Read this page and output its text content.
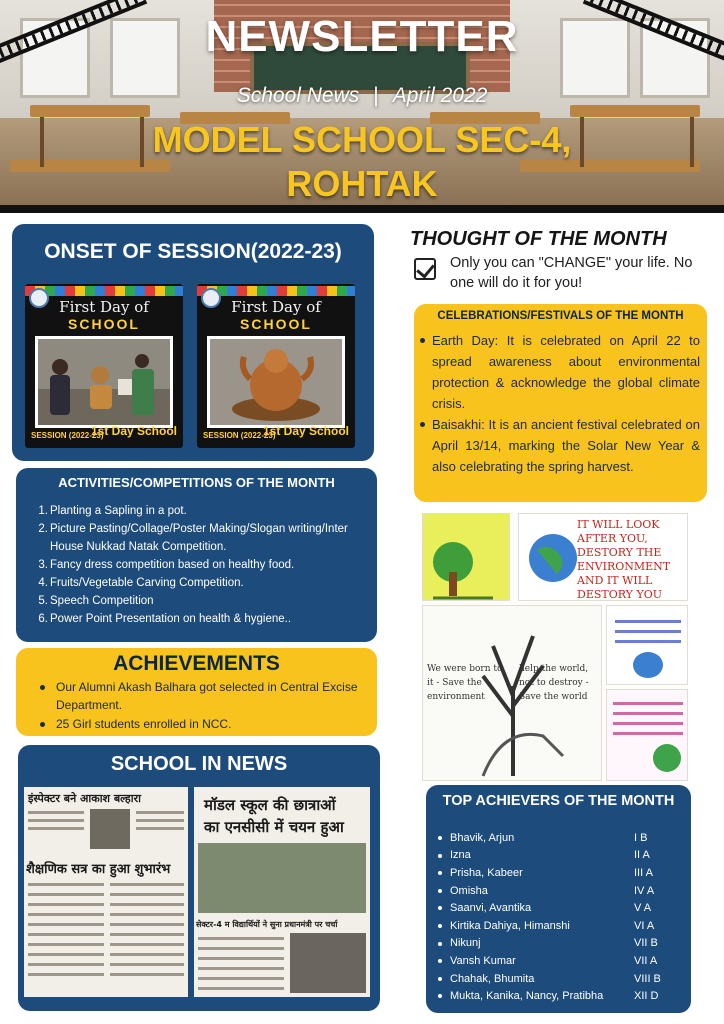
NEWSLETTER
School News | April 2022
MODEL SCHOOL SEC-4,
ROHTAK
ONSET OF SESSION(2022-23)
First Day of
SCHOOL
SESSION (2022-23)
1st Day School
First Day of
SCHOOL
SESSION (2022-23)
1st Day School
ACTIVITIES/COMPETITIONS OF THE MONTH
1. Planting a Sapling in a pot.
2. Picture Pasting/Collage/Poster Making/Slogan writing/Inter House Nukkad Natak Competition.
3. Fancy dress competition based on healthy food.
4. Fruits/Vegetable Carving Competition.
5. Speech Competition
6. Power Point Presentation on health & hygiene..
ACHIEVEMENTS
Our Alumni Akash Balhara got selected in Central Excise Department.
25 Girl students enrolled in NCC.
SCHOOL IN NEWS
इंस्पेक्टर बने आकाश बल्हारा
शैक्षणिक सत्र का हुआ शुभारंभ
मॉडल स्कूल की छात्राओं
का एनसीसी में चयन हुआ
सेक्टर-4 म विद्यार्थियों ने सुना प्रधानमंत्री पर चर्चा
THOUGHT OF THE MONTH
Only you can "CHANGE" your life. No one will do it for you!
CELEBRATIONS/FESTIVALS OF THE MONTH
Earth Day: It is celebrated on April 22 to spread awareness about environmental protection & acknowledge the global climate crisis.
Baisakhi: It is an ancient festival celebrated on April 13/14, marking the Solar New Year & also celebrating the spring harvest.
IT WILL LOOK AFTER YOU, DESTORY THE ENVIRONMENT AND IT WILL DESTORY YOU
We were born to it - Save the environment
help the world, not to destroy - Save the world
TOP ACHIEVERS OF THE MONTH
Bhavik, Arjun	I B
Izna	II A
Prisha, Kabeer	III A
Omisha	IV A
Saanvi, Avantika	V A
Kirtika Dahiya, Himanshi	VI A
Nikunj	VII B
Vansh Kumar	VII A
Chahak, Bhumita	VIII B
Mukta, Kanika, Nancy, Pratibha	XII D
